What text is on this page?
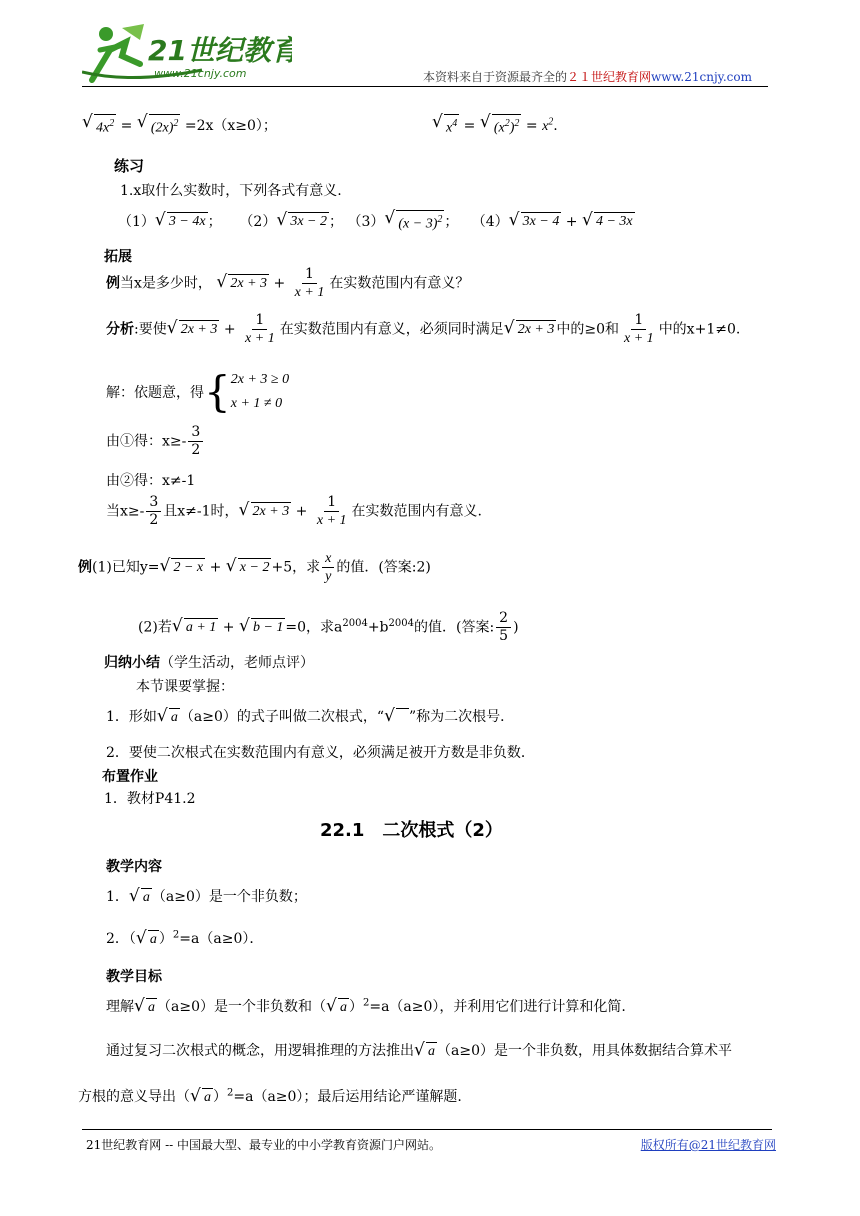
21世纪教育
www.21cnjy.com	本资料来自于资源最齐全的２１世纪教育网www.21cnjy.com
√ $4x^2$ = √ $(2x)^2 =2x(x\ge 0)$；	√ $x^4$ = √ $(x^2)^2 = x^2$.
练习
1.x取什么实数时，下列各式有意义.
（1） √ 3 − 4x ； （2） √ 3x − 2 ； （3） √ $(x - 3)^2$ ； （4） √ 3x − 4 + √ 4 − 3x
拓展
例当x是多少时， √ $2x + 3 + \frac{1}{x + 1}$ 在实数范围内有意义？
分析:要使 √ $2x + 3 + \frac{1}{x + 1}$ 在实数范围内有意义，必须同时满足 √ 2x + 3 中的≥0和 $\frac{1}{x + 1}$ 中的x+1≠0.
解：依题意，得{ 2x + 3 ≥ 0
x + 1 ≠ 0
由①得：$x\ge- \frac{3}{2}$
由②得：x≠-1
当$x\ge- \frac{3}{2}$ 且x≠-1时， √ $2x + 3 + \frac{1}{x + 1}$ 在实数范围内有意义.
例(1)已知y= √ 2 − x + √ x − 2 +5，求 $\frac{x}{y}$ 的值．(答案:2)
(2)若 √ a + 1 + √ b − 1 =0，求$a^{2004}+b^{2004}$的值．(答案: $\frac{2}{5}$ )
归纳小结（学生活动，老师点评）
本节课要掌握：
1．形如 √ a （a≥0）的式子叫做二次根式，“ √ ”称为二次根号．
2．要使二次根式在实数范围内有意义，必须满足被开方数是非负数．
布置作业
1．教材P41.2
22.1　二次根式（2）
教学内容
1． √ a （a≥0）是一个非负数；
2．（ √ a ）$^2$=a（a≥0）．
教学目标
理解 √ a （a≥0）是一个非负数和（ √ a ）$^2$=a（a≥0），并利用它们进行计算和化简.
通过复习二次根式的概念，用逻辑推理的方法推出 √ a （a≥0）是一个非负数，用具体数据结合算术平
方根的意义导出（ √ a ）$^2$=a（a≥0）；最后运用结论严谨解题.
21世纪教育网 -- 中国最大型、最专业的中小学教育资源门户网站。	版权所有@21世纪教育网
